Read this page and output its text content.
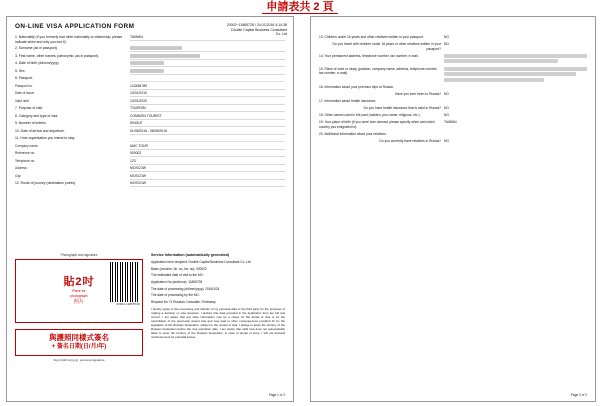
申請表共 2 頁
ON-LINE VISA APPLICATION FORM	20002~11865728 \ 24.03.2016 4:14:38
Double Capital Business Consultant
Co. Ltd
1. Nationality (If you formerly had other nationality or citizenship, please indicate when and why you lost it).
TAIWAN
2. Surname (as in passport).
3. First name, other names, patronymic (as in passport).
4. Date of birth (dd/mm/yyyy).
5. Sex.
6. Passport.
Passport no.	123456789
Date of issue:	10/01/2010
Valid until:	10/01/2020
7. Purpose of visit.	TOURISM
8. Category and type of visa.	COMMON TOURIST
9. Number of entries.	SINGLE
10. Date of arrival and departure.	01/05/2016 - 08/05/2016
11. Host organisation you intend to stay.
Company name:	AMC TOUR
Reference no:	000002
Telephone no:	123
Address:	MOSCOW
City:	MOSCOW
12. Route of journey (destination points).	MOSCOW
Photograph and signature
貼2吋
Place for
photograph
照片	20002-11865728
與護照同樣式簽名
+ 簽名日期(日/月/年)
Sign (dd/mm/yyyy), personal signature
Service Information (automatically generated)

Application form recipient: Double Capital Business Consultant Co. Ltd

Basis (voucher, dir. no, inv. no): 000002

The estimated date of visit to the MC:

Application No (antivirus): 11865728

The date of processing (dd/mm/yyyy): 2016/3/24

The date of processing by the MC:

Request No 74 Russian Consulate / Embassy

I hereby agree to the processing and transfer of my personal data to the third party for the purposes of making a decision on visa issuance. I declare that data provided in the application form are full and correct. I am aware that any false information may be a cause for the denial of visa or for the cancellation of the previously issued visa and may lead to other consequences provided for by the legislation of the Russian Federation, subject to the receipt of visa, I pledge to leave the territory of the Russian Federation before the visa expiration date. I am aware that valid visa does not automatically allow to enter the territory of the Russian Federation, in case of denial of entry, I will not demand reimbursement for potential losses.

Page 1 of 2
13. Children under 16 years and other relatives written in your passport.	NO
Do you travel with children under 16 years or other relatives written in your passport?
NO
14. Your permanent address, telephone number, fax number, e-mail.
15. Place of work or study (position, company name, address, telephone number, fax number, e-mail).
16. Information about your previous trips to Russia.
Have you ever been to Russia? NO
17. Information about health insurance.
Do you have health insurance that is valid in Russia? NO
18. Other names used in the past (maiden, pen-name, religious, etc.).	NO
19. Your place of birth (if you were born abroad, please specify when and which country you emigrated to).
TAIWAN
20. Additional information about your relatives.
Do you currently have relatives in Russia? NO
Page 2 of 2
